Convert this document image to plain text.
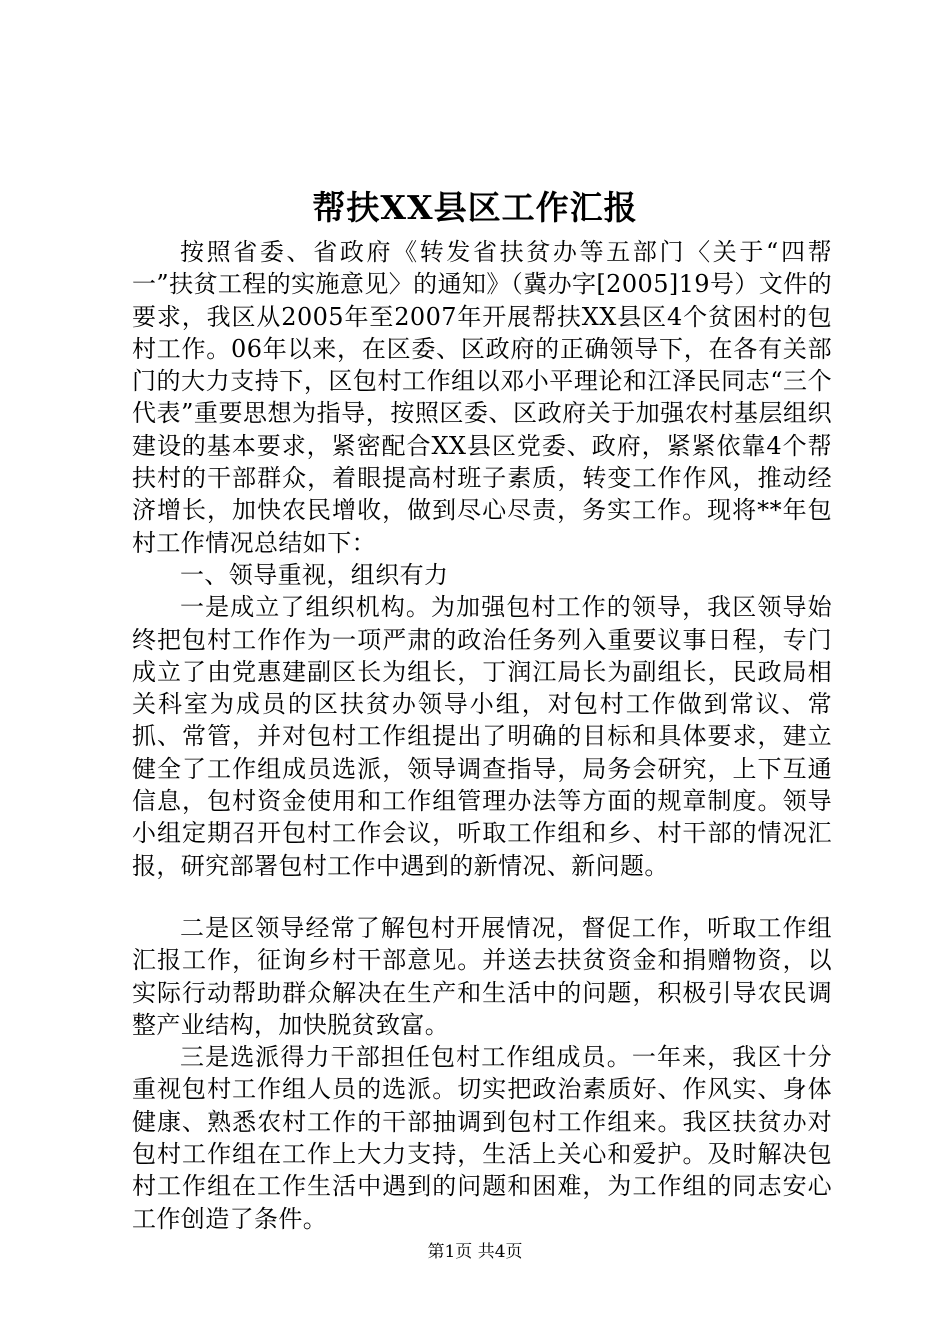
帮扶XX县区工作汇报

按照省委、省政府《转发省扶贫办等五部门〈关于“四帮一”扶贫工程的实施意见〉的通知》（冀办字[2005]19号）文件的要求，我区从2005年至2007年开展帮扶XX县区4个贫困村的包村工作。06年以来，在区委、区政府的正确领导下，在各有关部门的大力支持下，区包村工作组以邓小平理论和江泽民同志“三个代表”重要思想为指导，按照区委、区政府关于加强农村基层组织建设的基本要求，紧密配合XX县区党委、政府，紧紧依靠4个帮扶村的干部群众，着眼提高村班子素质，转变工作作风，推动经济增长，加快农民增收，做到尽心尽责，务实工作。现将**年包村工作情况总结如下：

一、领导重视，组织有力

一是成立了组织机构。为加强包村工作的领导，我区领导始终把包村工作作为一项严肃的政治任务列入重要议事日程，专门成立了由党惠建副区长为组长，丁润江局长为副组长，民政局相关科室为成员的区扶贫办领导小组，对包村工作做到常议、常抓、常管，并对包村工作组提出了明确的目标和具体要求，建立健全了工作组成员选派，领导调查指导，局务会研究，上下互通信息，包村资金使用和工作组管理办法等方面的规章制度。领导小组定期召开包村工作会议，听取工作组和乡、村干部的情况汇报，研究部署包村工作中遇到的新情况、新问题。

二是区领导经常了解包村开展情况，督促工作，听取工作组汇报工作，征询乡村干部意见。并送去扶贫资金和捐赠物资，以实际行动帮助群众解决在生产和生活中的问题，积极引导农民调整产业结构，加快脱贫致富。

三是选派得力干部担任包村工作组成员。一年来，我区十分重视包村工作组人员的选派。切实把政治素质好、作风实、身体健康、熟悉农村工作的干部抽调到包村工作组来。我区扶贫办对包村工作组在工作上大力支持，生活上关心和爱护。及时解决包村工作组在工作生活中遇到的问题和困难，为工作组的同志安心工作创造了条件。

第1页 共4页
